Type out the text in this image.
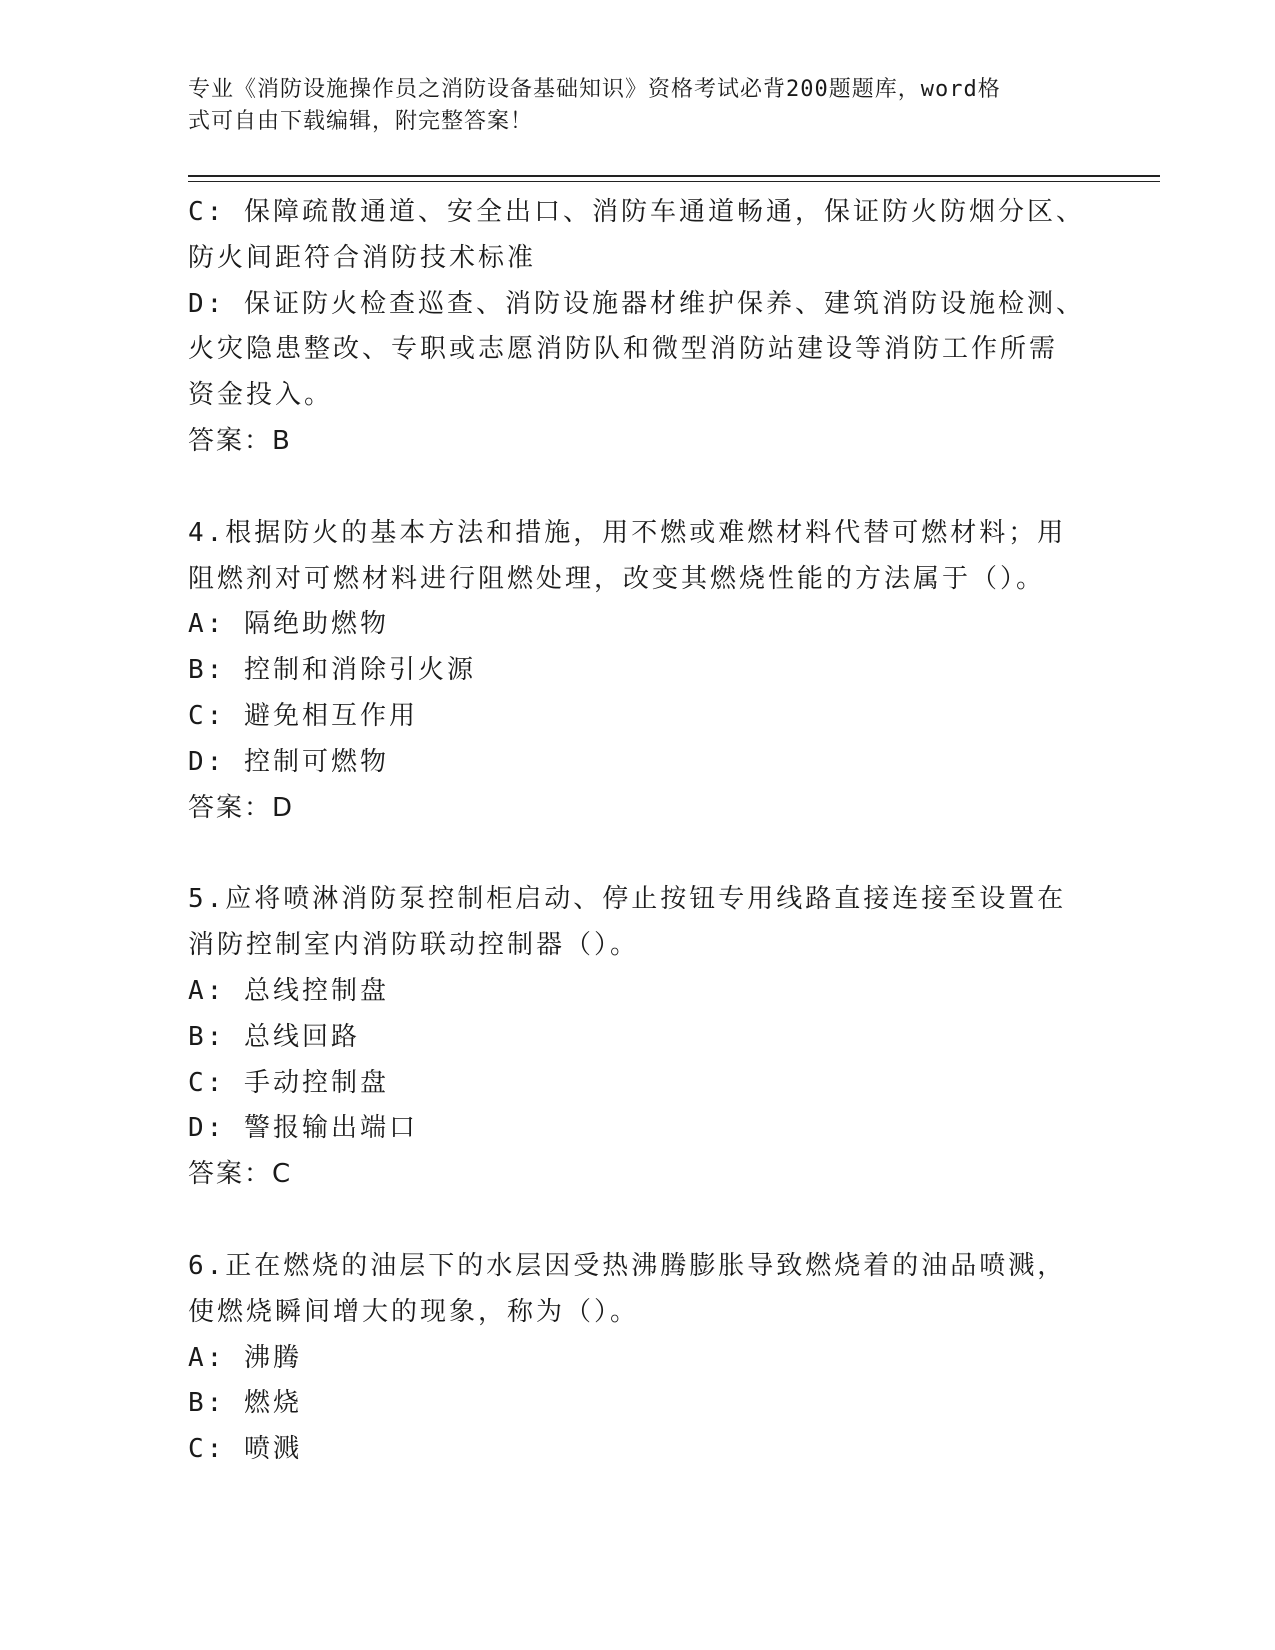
专业《消防设施操作员之消防设备基础知识》资格考试必背200题题库，word格
式可自由下载编辑，附完整答案！
C: 保障疏散通道、安全出口、消防车通道畅通，保证防火防烟分区、
防火间距符合消防技术标准
D: 保证防火检查巡查、消防设施器材维护保养、建筑消防设施检测、
火灾隐患整改、专职或志愿消防队和微型消防站建设等消防工作所需
资金投入。
答案：B
4.根据防火的基本方法和措施，用不燃或难燃材料代替可燃材料；用
阻燃剂对可燃材料进行阻燃处理，改变其燃烧性能的方法属于（）。
A: 隔绝助燃物
B: 控制和消除引火源
C: 避免相互作用
D: 控制可燃物
答案：D
5.应将喷淋消防泵控制柜启动、停止按钮专用线路直接连接至设置在
消防控制室内消防联动控制器（）。
A: 总线控制盘
B: 总线回路
C: 手动控制盘
D: 警报输出端口
答案：C
6.正在燃烧的油层下的水层因受热沸腾膨胀导致燃烧着的油品喷溅，
使燃烧瞬间增大的现象，称为（）。
A: 沸腾
B: 燃烧
C: 喷溅
